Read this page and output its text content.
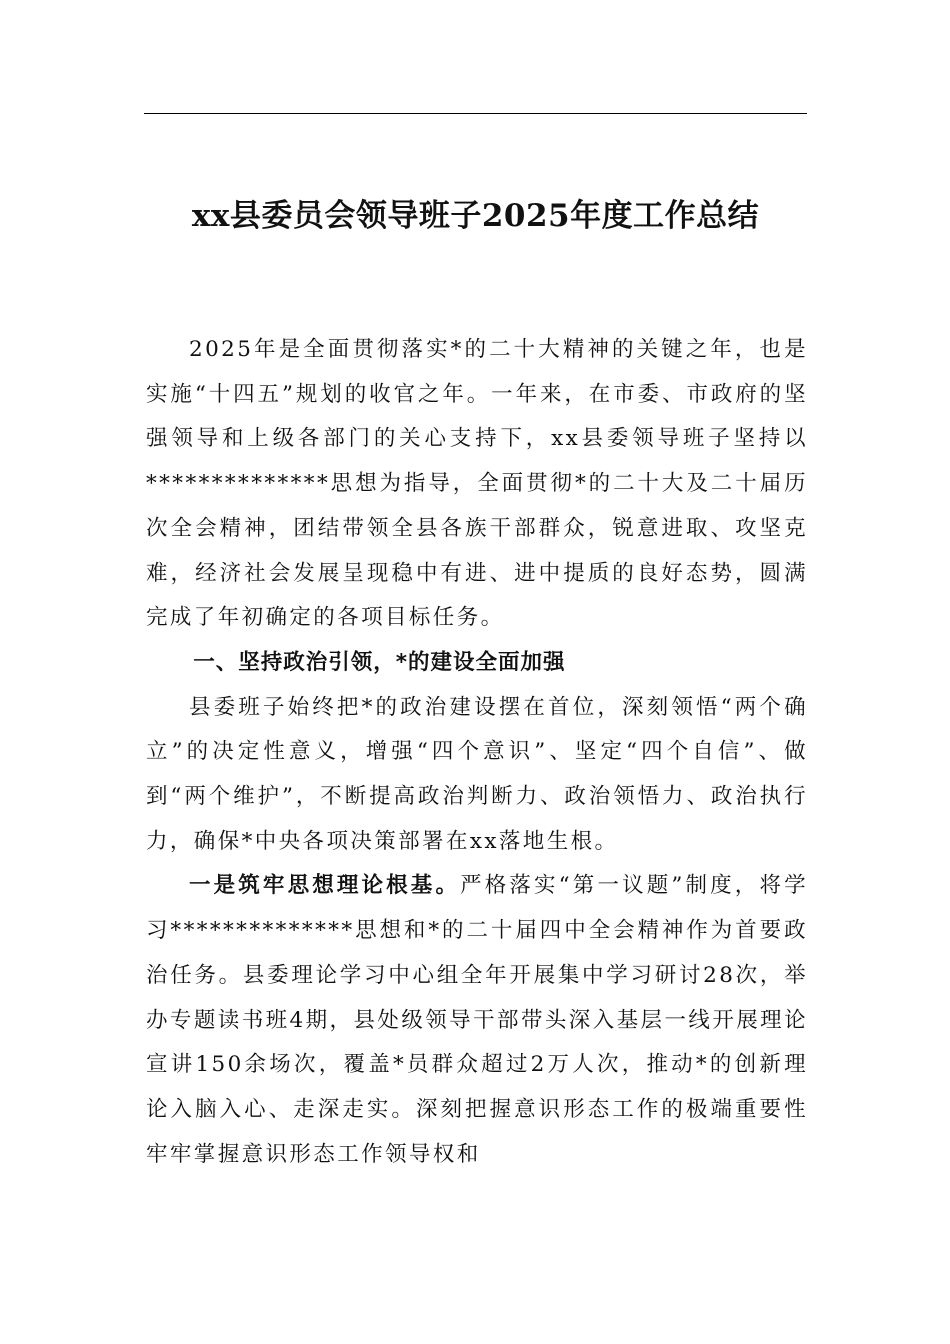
xx县委员会领导班子2025年度工作总结

2025年是全面贯彻落实*的二十大精神的关键之年，也是实施“十四五”规划的收官之年。一年来，在市委、市政府的坚强领导和上级各部门的关心支持下，xx县委领导班子坚持以**************思想为指导，全面贯彻*的二十大及二十届历次全会精神，团结带领全县各族干部群众，锐意进取、攻坚克难，经济社会发展呈现稳中有进、进中提质的良好态势，圆满完成了年初确定的各项目标任务。

一、坚持政治引领，*的建设全面加强

县委班子始终把*的政治建设摆在首位，深刻领悟“两个确立”的决定性意义，增强“四个意识”、坚定“四个自信”、做到“两个维护”，不断提高政治判断力、政治领悟力、政治执行力，确保*中央各项决策部署在xx落地生根。

一是筑牢思想理论根基。严格落实“第一议题”制度，将学习**************思想和*的二十届四中全会精神作为首要政治任务。县委理论学习中心组全年开展集中学习研讨28次，举办专题读书班4期，县处级领导干部带头深入基层一线开展理论宣讲150余场次，覆盖*员群众超过2万人次，推动*的创新理论入脑入心、走深走实。深刻把握意识形态工作的极端重要性牢牢掌握意识形态工作领导权和
